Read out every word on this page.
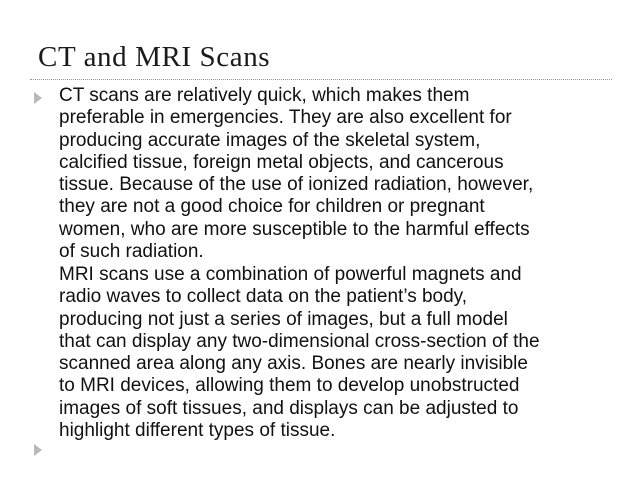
CT and MRI Scans

CT scans are relatively quick, which makes them
preferable in emergencies. They are also excellent for
producing accurate images of the skeletal system,
calcified tissue, foreign metal objects, and cancerous
tissue. Because of the use of ionized radiation, however,
they are not a good choice for children or pregnant
women, who are more susceptible to the harmful effects
of such radiation.

MRI scans use a combination of powerful magnets and
radio waves to collect data on the patient’s body,
producing not just a series of images, but a full model
that can display any two-dimensional cross-section of the
scanned area along any axis. Bones are nearly invisible
to MRI devices, allowing them to develop unobstructed
images of soft tissues, and displays can be adjusted to
highlight different types of tissue.
